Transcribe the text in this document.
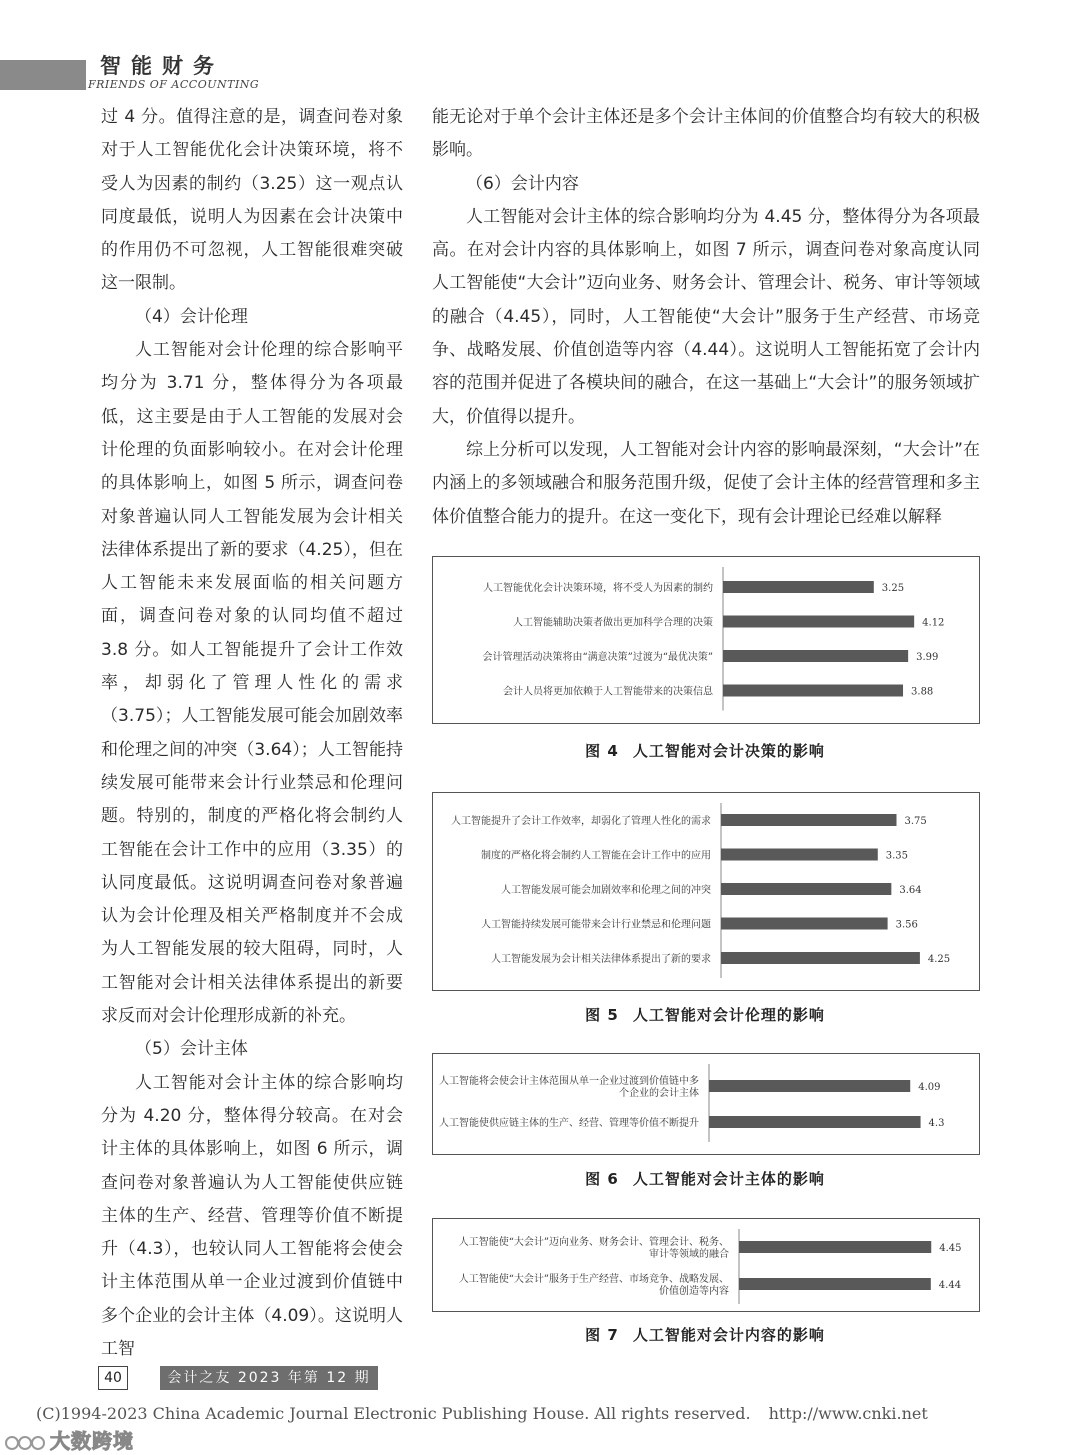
智能财务
FRIENDS OF ACCOUNTING

过 4 分。值得注意的是，调查问卷对象对于人工智能优化会计决策环境，将不受人为因素的制约（3.25）这一观点认同度最低，说明人为因素在会计决策中的作用仍不可忽视，人工智能很难突破这一限制。

（4）会计伦理

人工智能对会计伦理的综合影响平均分为 3.71 分，整体得分为各项最低，这主要是由于人工智能的发展对会计伦理的负面影响较小。在对会计伦理的具体影响上，如图 5 所示，调查问卷对象普遍认同人工智能发展为会计相关法律体系提出了新的要求（4.25），但在人工智能未来发展面临的相关问题方面，调查问卷对象的认同均值不超过 3.8 分。如人工智能提升了会计工作效率，却弱化了管理人性化的需求（3.75）；人工智能发展可能会加剧效率和伦理之间的冲突（3.64）；人工智能持续发展可能带来会计行业禁忌和伦理问题。特别的，制度的严格化将会制约人工智能在会计工作中的应用（3.35）的认同度最低。这说明调查问卷对象普遍认为会计伦理及相关严格制度并不会成为人工智能发展的较大阻碍，同时，人工智能对会计相关法律体系提出的新要求反而对会计伦理形成新的补充。

（5）会计主体

人工智能对会计主体的综合影响均分为 4.20 分，整体得分较高。在对会计主体的具体影响上，如图 6 所示，调查问卷对象普遍认为人工智能使供应链主体的生产、经营、管理等价值不断提升（4.3），也较认同人工智能将会使会计主体范围从单一企业过渡到价值链中多个企业的会计主体（4.09）。这说明人工智

能无论对于单个会计主体还是多个会计主体间的价值整合均有较大的积极影响。

（6）会计内容

人工智能对会计主体的综合影响均分为 4.45 分，整体得分为各项最高。在对会计内容的具体影响上，如图 7 所示，调查问卷对象高度认同人工智能使“大会计”迈向业务、财务会计、管理会计、税务、审计等领域的融合（4.45），同时，人工智能使“大会计”服务于生产经营、市场竞争、战略发展、价值创造等内容（4.44）。这说明人工智能拓宽了会计内容的范围并促进了各模块间的融合，在这一基础上“大会计”的服务领域扩大，价值得以提升。

综上分析可以发现，人工智能对会计内容的影响最深刻，“大会计”在内涵上的多领域融合和服务范围升级，促使了会计主体的经营管理和多主体价值整合能力的提升。在这一变化下，现有会计理论已经难以解释

3.25
人工智能优化会计决策环境，将不受人为因素的制约
4.12
人工智能辅助决策者做出更加科学合理的决策
3.99
会计管理活动决策将由“满意决策”过渡为“最优决策”
3.88
会计人员将更加依赖于人工智能带来的决策信息
图 4 人工智能对会计决策的影响
3.75
人工智能提升了会计工作效率，却弱化了管理人性化的需求
3.35
制度的严格化将会制约人工智能在会计工作中的应用
3.64
人工智能发展可能会加剧效率和伦理之间的冲突
3.56
人工智能持续发展可能带来会计行业禁忌和伦理问题
4.25
人工智能发展为会计相关法律体系提出了新的要求
图 5 人工智能对会计伦理的影响
4.09
人工智能将会使会计主体范围从单一企业过渡到价值链中多个企业的会计主体
4.3
人工智能使供应链主体的生产、经营、管理等价值不断提升
图 6 人工智能对会计主体的影响
4.45
人工智能使“大会计”迈向业务、财务会计、管理会计、税务、审计等领域的融合
4.44
人工智能使“大会计”服务于生产经营、市场竞争、战略发展、价值创造等内容
图 7 人工智能对会计内容的影响
40	会计之友 2023 年第 12 期
(C)1994-2023 China Academic Journal Electronic Publishing House. All rights reserved. http://www.cnki.net
大数跨境
